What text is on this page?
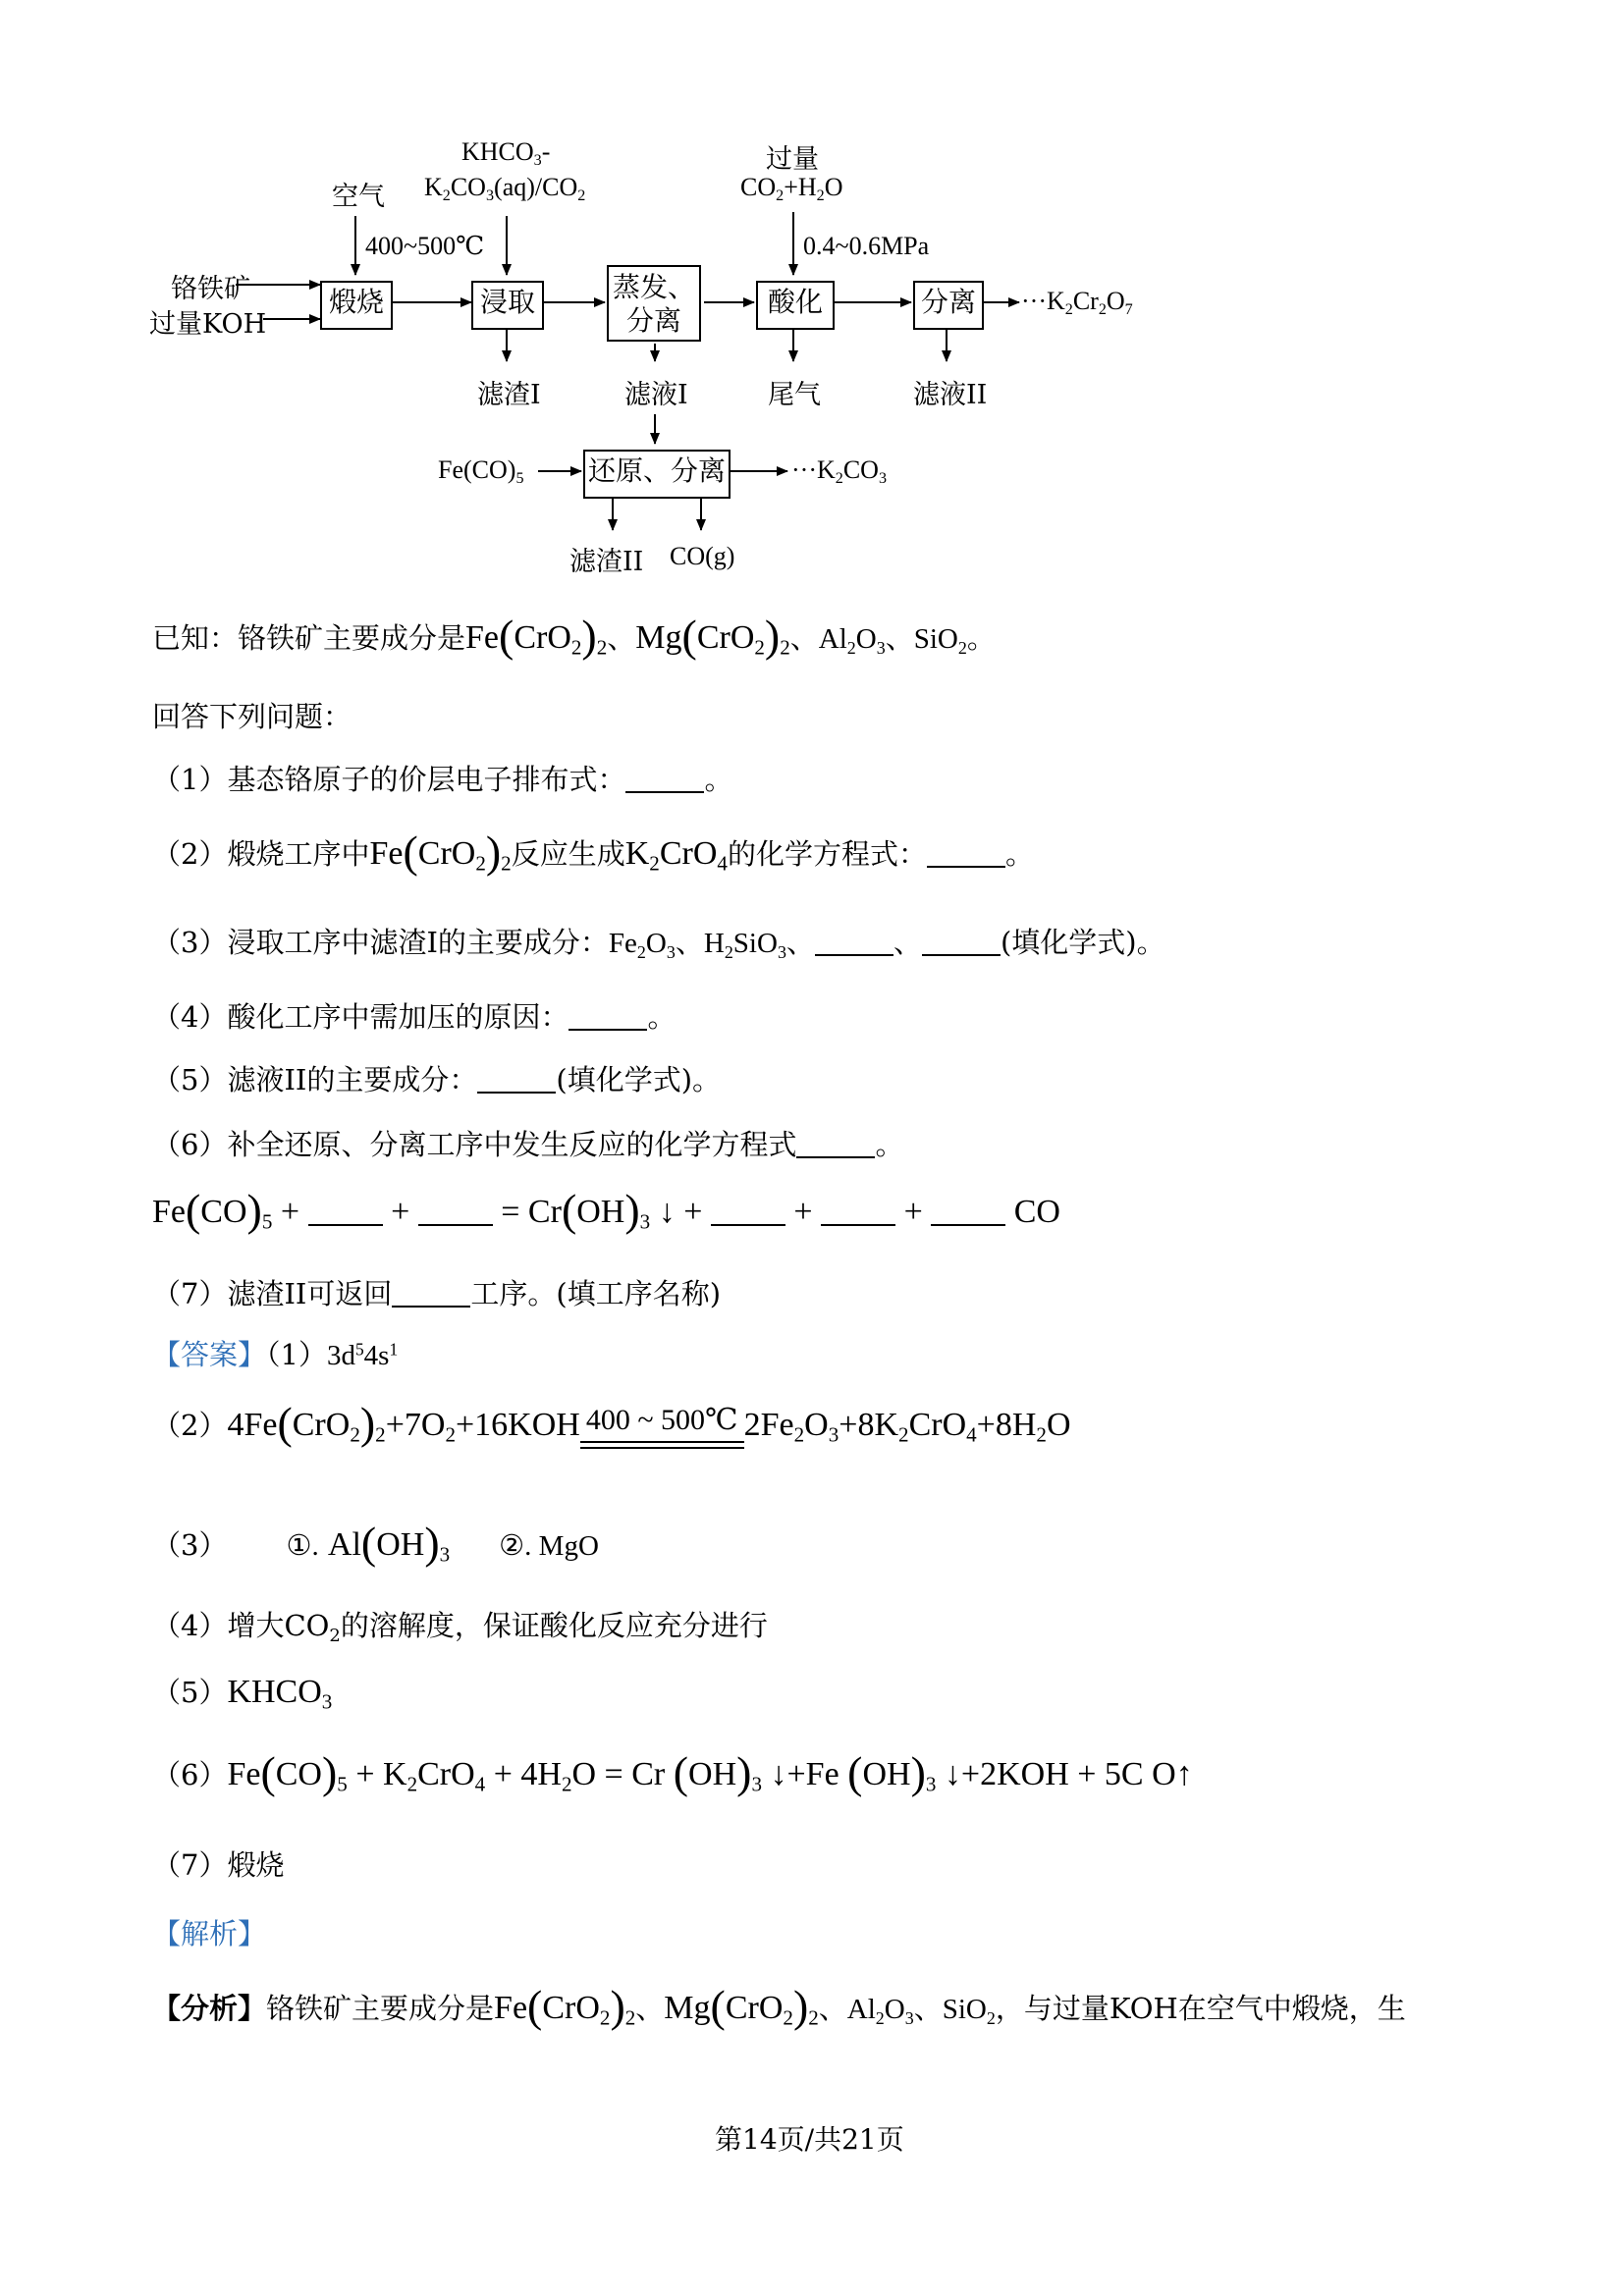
煅烧	浸取	蒸发、
分离
酸化	分离
还原、分离
铬铁矿
过量KOH
空气
400~500℃
$KHCO_3-$
$K_2CO_3(aq)/CO_2$
过量
$CO_2+H_2O$
0.4~0.6MPa
$\cdot\cdot\cdot K_2Cr_2O_7$
滤渣I	滤液I	尾气	滤液II
$Fe(CO)_5$	$\cdot\cdot\cdot K_2CO_3$
滤渣II CO(g)
已知：铬铁矿主要成分是$Fe(CrO_2)_2$、$Mg(CrO_2)_2$、$Al_2O_3$、SiO$_2$。
回答下列问题：
（1）基态铬原子的价层电子排布式：	。
（2）煅烧工序中$Fe(CrO_2)_2$反应生成$K_2CrO_4$的化学方程式：	。
（3）浸取工序中滤渣I的主要成分：$Fe_2O_3$、$H_2SiO_3$、	、	(填化学式)。
（4）酸化工序中需加压的原因：	。
（5）滤液II的主要成分：	(填化学式)。
（6）补全还原、分离工序中发生反应的化学方程式	。
$Fe(CO)_5$ +  +  = $Cr(OH)_3$ ↓ +  +  +  CO
（7）滤渣II可返回	工序。(填工序名称)
【答案】$(1)3d^54s^1$
$(2)4Fe(CrO_2)_2+7O_2+16KOH$ 400 ~ 500℃ $2Fe_2O_3+8K_2CrO_4+8H_2O$
（3） ①. $Al(OH)_3$ ②. MgO
（4）增大$CO_2$的溶解度，保证酸化反应充分进行
$(5)KHCO_3$
$(6)Fe(CO)_5 + K_2CrO_4 + 4H_2O = Cr$ $(OH)_3$ ↓+Fe $(OH)_3$ ↓+2KOH + 5C O↑
（7）煅烧
【解析】
【分析】铬铁矿主要成分是$Fe(CrO_2)_2$、$Mg(CrO_2)_2$、$Al_2O_3$、SiO$_2$，与过量KOH在空气中煅烧，生
第14页/共21页
